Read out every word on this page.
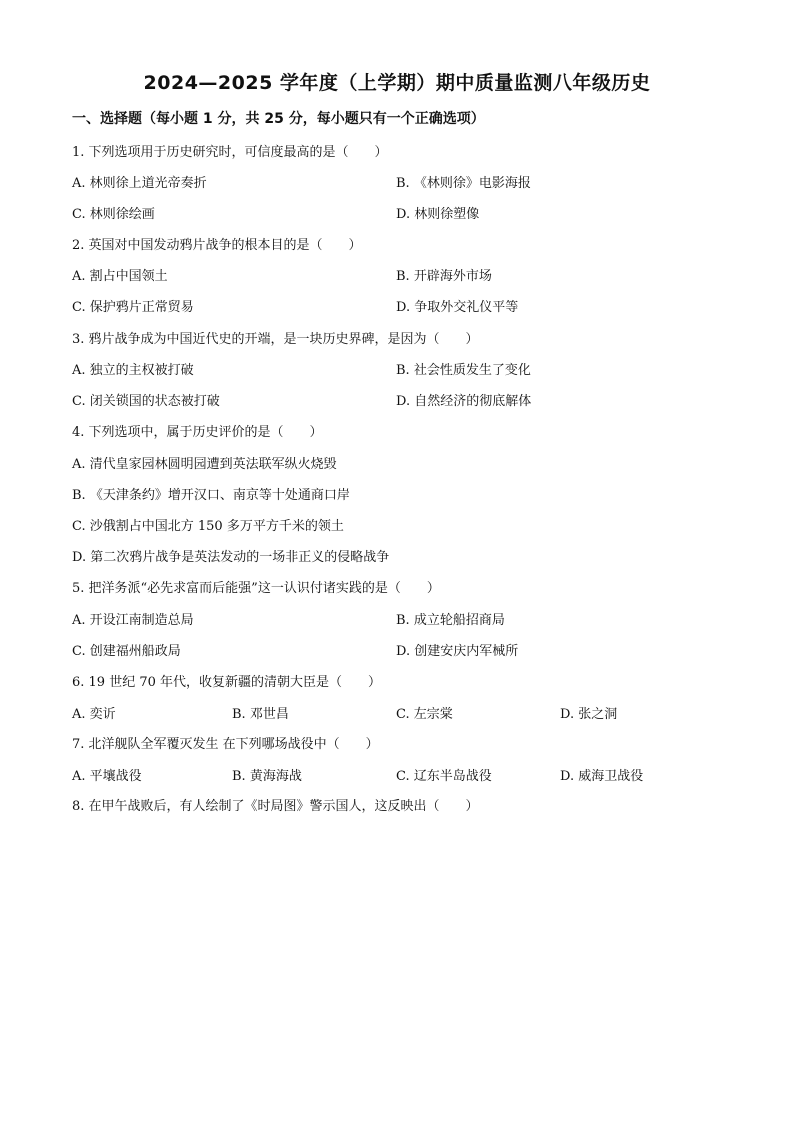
2024—2025 学年度（上学期）期中质量监测八年级历史
一、选择题（每小题 1 分，共 25 分，每小题只有一个正确选项）
1. 下列选项用于历史研究时，可信度最高的是（　　）
A. 林则徐上道光帝奏折	B. 《林则徐》电影海报
C. 林则徐绘画	D. 林则徐塑像
2. 英国对中国发动鸦片战争的根本目的是（　　）
A. 割占中国领土	B. 开辟海外市场
C. 保护鸦片正常贸易	D. 争取外交礼仪平等
3. 鸦片战争成为中国近代史的开端，是一块历史界碑，是因为（　　）
A. 独立的主权被打破	B. 社会性质发生了变化
C. 闭关锁国的状态被打破	D. 自然经济的彻底解体
4. 下列选项中，属于历史评价的是（　　）
A. 清代皇家园林圆明园遭到英法联军纵火烧毁
B. 《天津条约》增开汉口、南京等十处通商口岸
C. 沙俄割占中国北方 150 多万平方千米的领土
D. 第二次鸦片战争是英法发动的一场非正义的侵略战争
5. 把洋务派“必先求富而后能强”这一认识付诸实践的是（　　）
A. 开设江南制造总局	B. 成立轮船招商局
C. 创建福州船政局	D. 创建安庆内军械所
6. 19 世纪 70 年代，收复新疆的清朝大臣是（　　）
A. 奕䜣	B. 邓世昌	C. 左宗棠	D. 张之洞
7. 北洋舰队全军覆灭发生 在下列哪场战役中（　　）
A. 平壤战役	B. 黄海海战	C. 辽东半岛战役	D. 威海卫战役
8. 在甲午战败后，有人绘制了《时局图》警示国人，这反映出（　　）
